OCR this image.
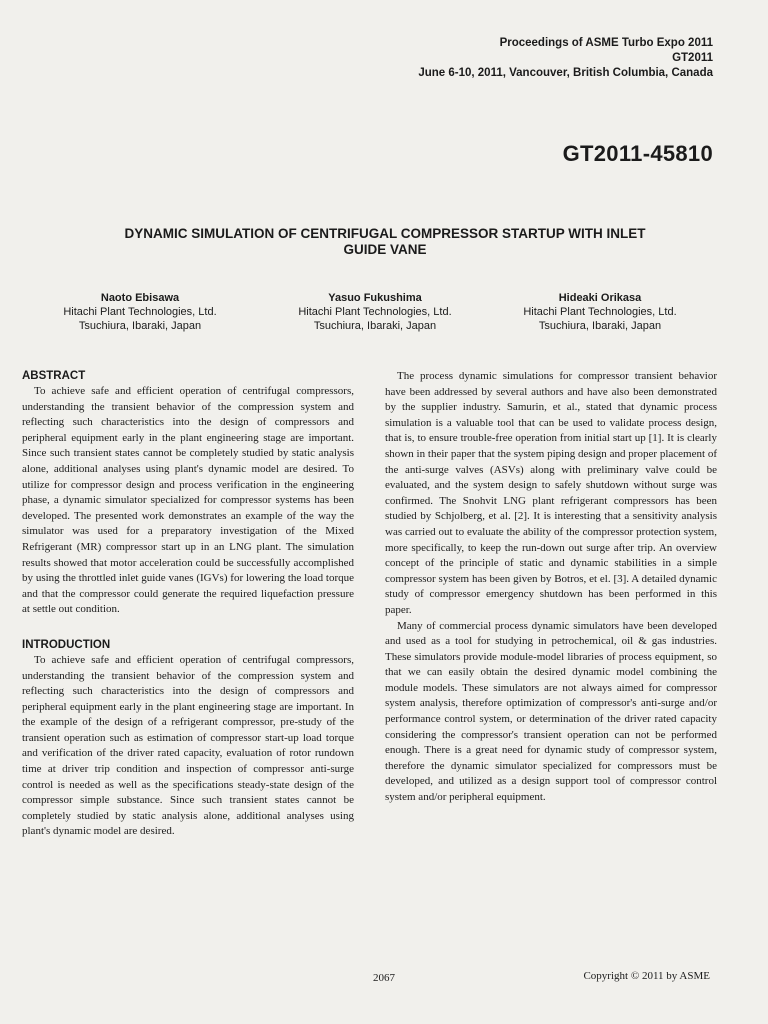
Proceedings of ASME Turbo Expo 2011
GT2011
June 6-10, 2011, Vancouver, British Columbia, Canada
GT2011-45810
DYNAMIC SIMULATION OF CENTRIFUGAL COMPRESSOR STARTUP WITH INLET
GUIDE VANE
Naoto Ebisawa
Hitachi Plant Technologies, Ltd.
Tsuchiura, Ibaraki, Japan
Yasuo Fukushima
Hitachi Plant Technologies, Ltd.
Tsuchiura, Ibaraki, Japan
Hideaki Orikasa
Hitachi Plant Technologies, Ltd.
Tsuchiura, Ibaraki, Japan
ABSTRACT

To achieve safe and efficient operation of centrifugal compressors, understanding the transient behavior of the compression system and reflecting such characteristics into the design of compressors and peripheral equipment early in the plant engineering stage are important. Since such transient states cannot be completely studied by static analysis alone, additional analyses using plant's dynamic model are desired. To utilize for compressor design and process verification in the engineering phase, a dynamic simulator specialized for compressor systems has been developed. The presented work demonstrates an example of the way the simulator was used for a preparatory investigation of the Mixed Refrigerant (MR) compressor start up in an LNG plant. The simulation results showed that motor acceleration could be successfully accomplished by using the throttled inlet guide vanes (IGVs) for lowering the load torque and that the compressor could generate the required liquefaction pressure at settle out condition.

INTRODUCTION

To achieve safe and efficient operation of centrifugal compressors, understanding the transient behavior of the compression system and reflecting such characteristics into the design of compressors and peripheral equipment early in the plant engineering stage are important. In the example of the design of a refrigerant compressor, pre-study of the transient operation such as estimation of compressor start-up load torque and verification of the driver rated capacity, evaluation of rotor rundown time at driver trip condition and inspection of compressor anti-surge control is needed as well as the specifications steady-state design of the compressor simple substance. Since such transient states cannot be completely studied by static analysis alone, additional analyses using plant's dynamic model are desired.

The process dynamic simulations for compressor transient behavior have been addressed by several authors and have also been demonstrated by the supplier industry. Samurin, et al., stated that dynamic process simulation is a valuable tool that can be used to validate process design, that is, to ensure trouble-free operation from initial start up [1]. It is clearly shown in their paper that the system piping design and proper placement of the anti-surge valves (ASVs) along with preliminary valve could be evaluated, and the system design to safely shutdown without surge was confirmed. The Snohvit LNG plant refrigerant compressors has been studied by Schjolberg, et al. [2]. It is interesting that a sensitivity analysis was carried out to evaluate the ability of the compressor protection system, more specifically, to keep the run-down out surge after trip. An overview concept of the principle of static and dynamic stabilities in a simple compressor system has been given by Botros, et el. [3]. A detailed dynamic study of compressor emergency shutdown has been performed in this paper.

Many of commercial process dynamic simulators have been developed and used as a tool for studying in petrochemical, oil & gas industries. These simulators provide module-model libraries of process equipment, so that we can easily obtain the desired dynamic model combining the module models. These simulators are not always aimed for compressor system analysis, therefore optimization of compressor's anti-surge and/or performance control system, or determination of the driver rated capacity considering the compressor's transient operation can not be performed enough. There is a great need for dynamic study of compressor system, therefore the dynamic simulator specialized for compressors must be developed, and utilized as a design support tool of compressor control system and/or peripheral equipment.

2067	Copyright © 2011 by ASME
